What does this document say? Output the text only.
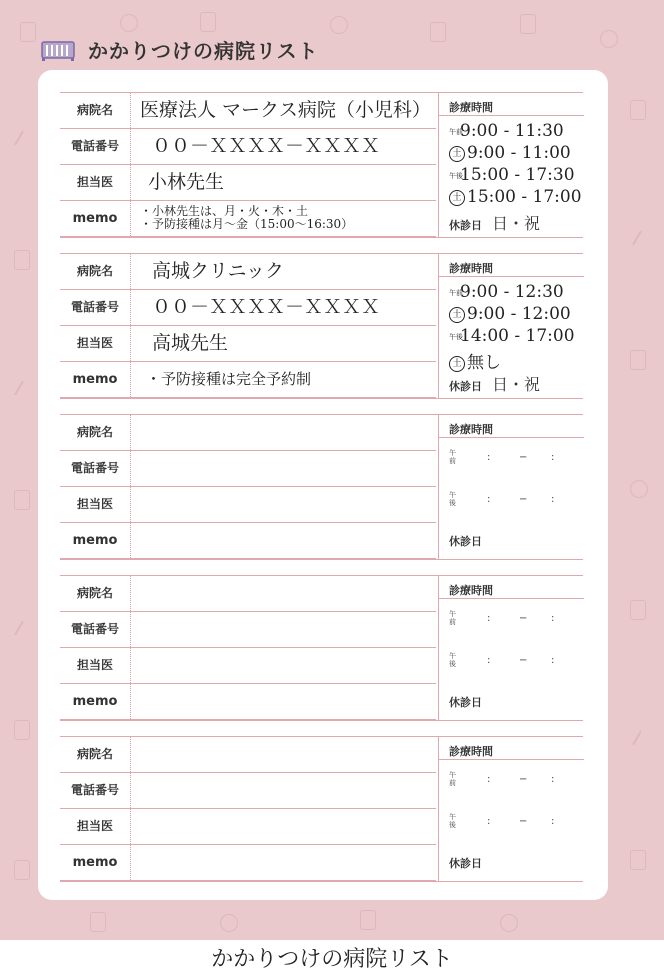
かかりつけの病院リスト
病院名	医療法人 マークス病院（小児科）
電話番号	００－ＸＸＸＸ－ＸＸＸＸ
担当医	小林先生
memo	・小林先生は、月・火・木・土
・予防接種は月〜金（15:00〜16:30）
診療時間
午前9:00 - 11:30
土 9:00 - 11:00
午後15:00 - 17:30
土 15:00 - 17:00
休診日 日・祝
病院名	高城クリニック
電話番号	００－ＸＸＸＸ－ＸＸＸＸ
担当医	高城先生
memo	・予防接種は完全予約制
診療時間
午前9:00 - 12:30
土 9:00 - 12:00
午後14:00 - 17:00
土 無し
休診日 日・祝
病院名
電話番号
担当医
memo
診療時間
午前	:	− :
午後	:	− :
休診日
病院名
電話番号
担当医
memo
診療時間
午前	:	− :
午後	:	− :
休診日
病院名
電話番号
担当医
memo
診療時間
午前	:	− :
午後	:	− :
休診日
かかりつけの病院リスト
